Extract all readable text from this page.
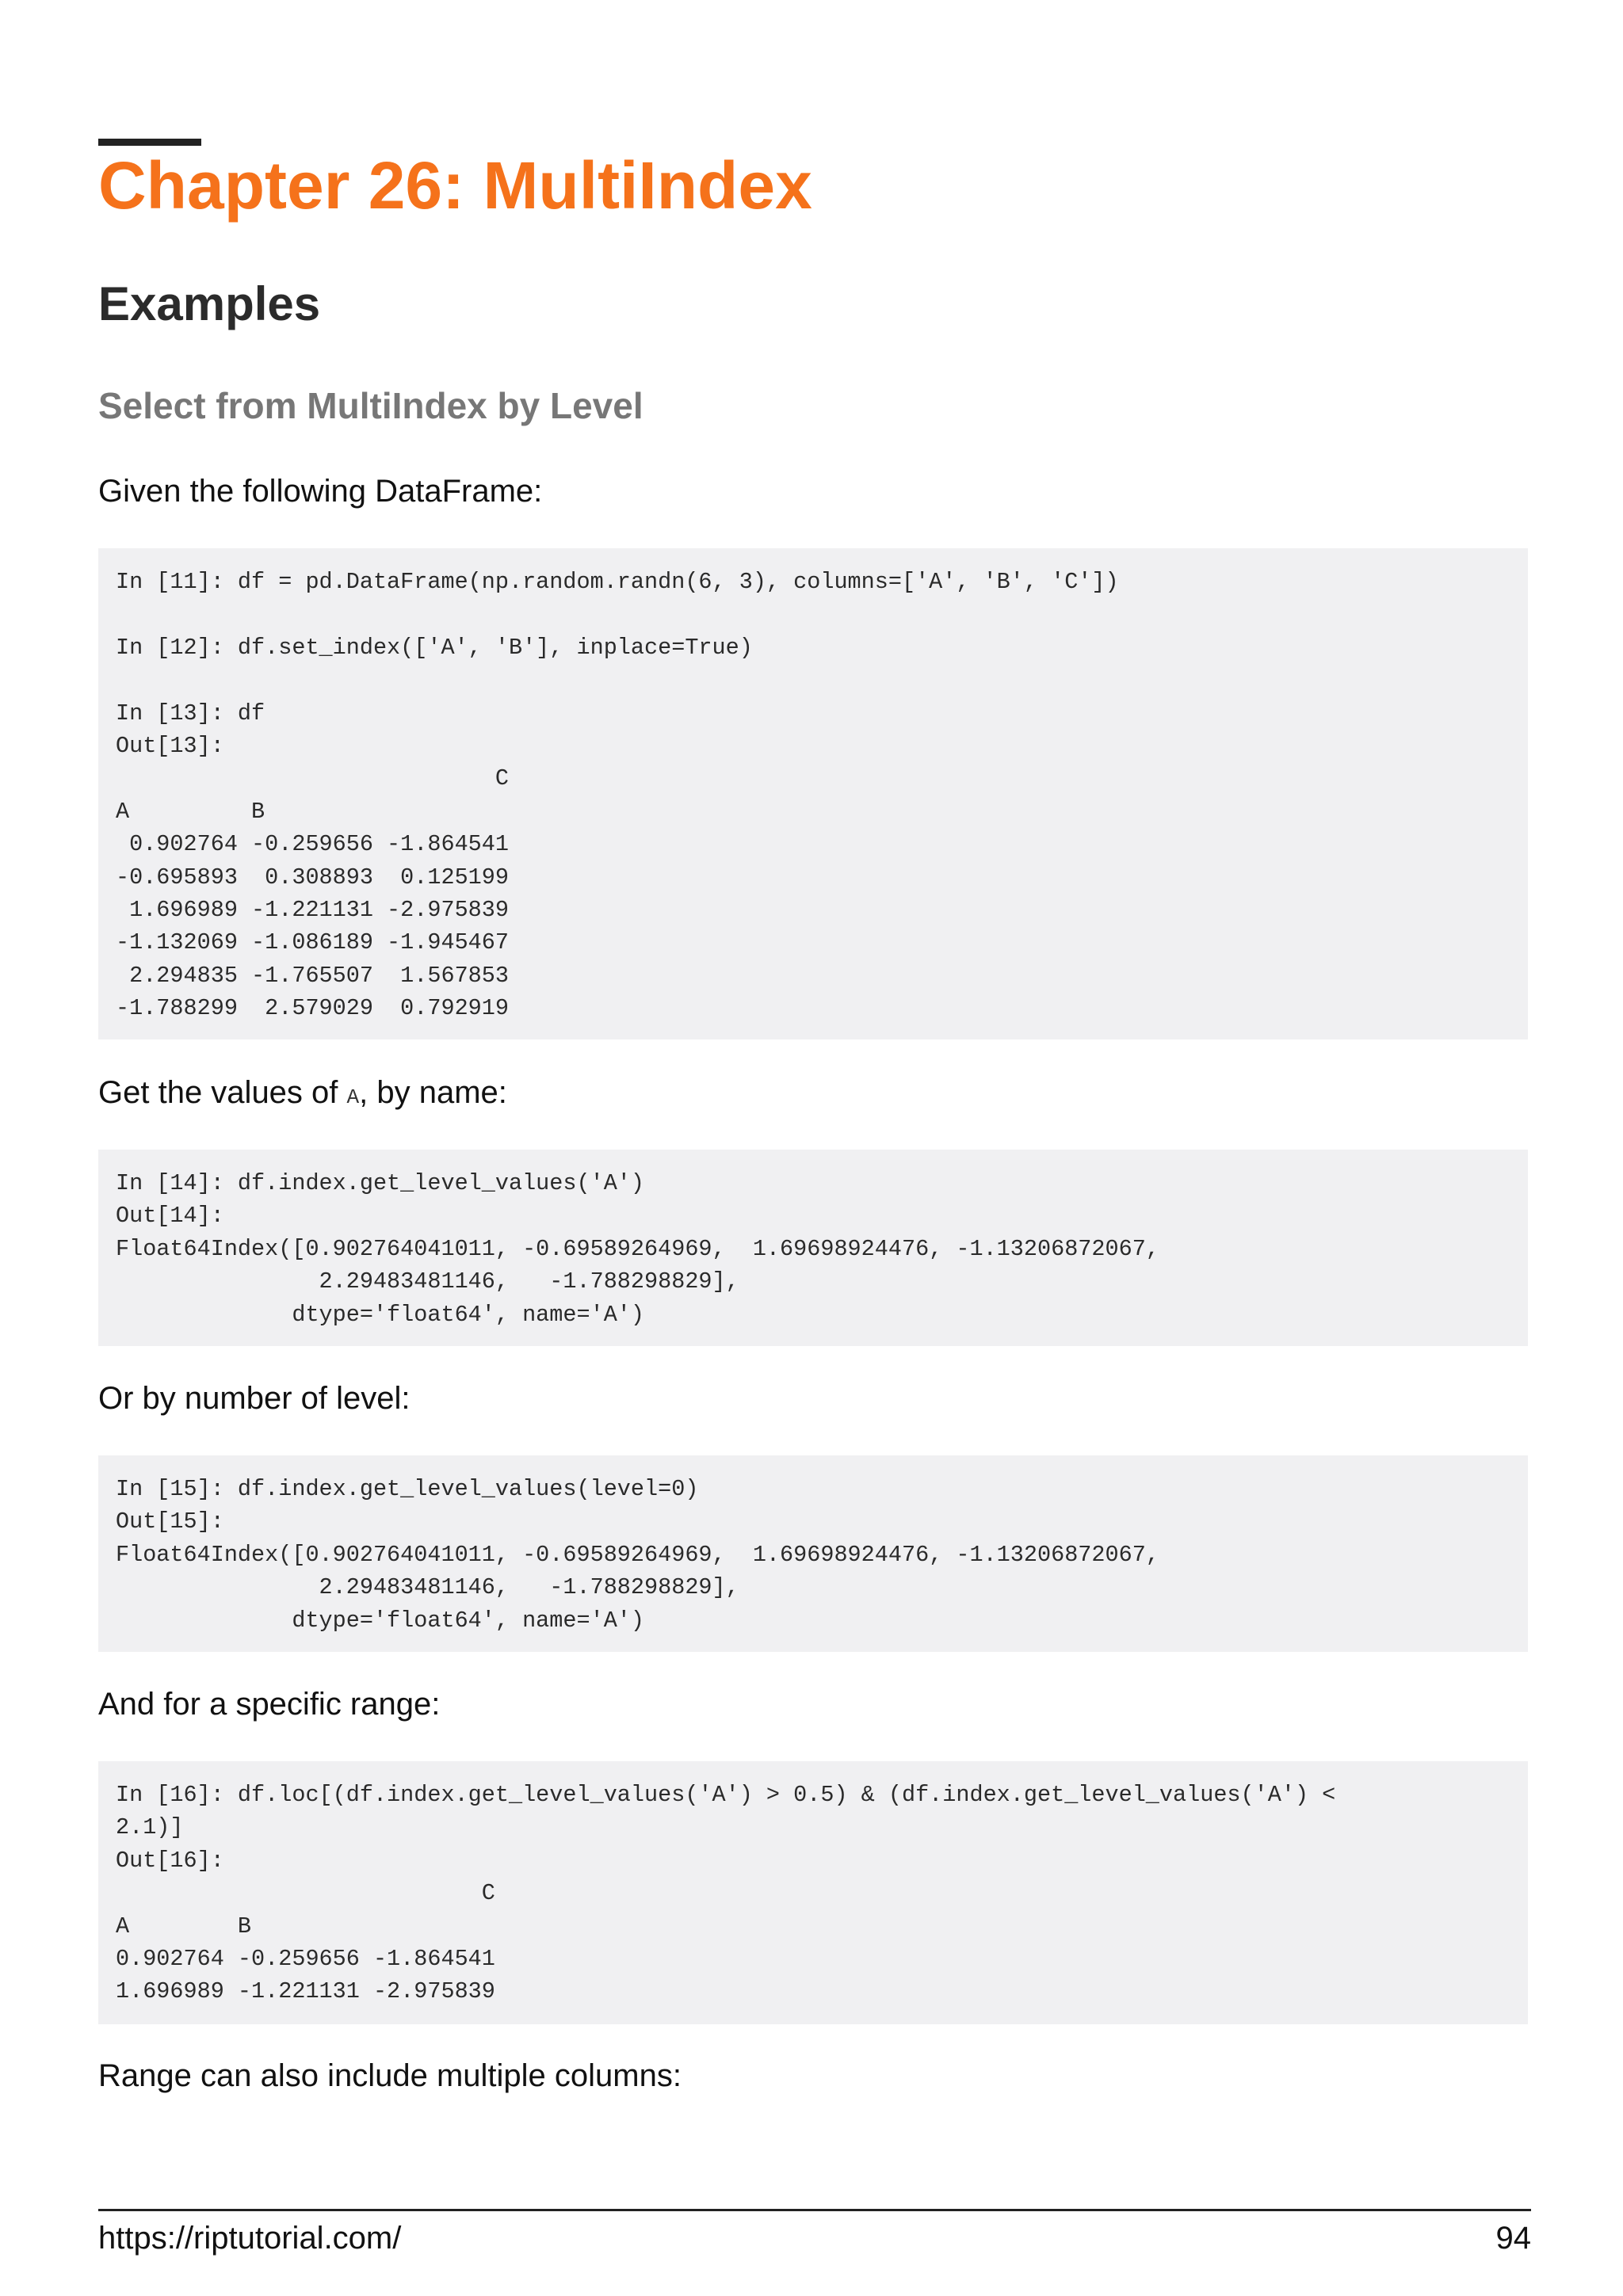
Chapter 26: MultiIndex
Examples
Select from MultiIndex by Level

Given the following DataFrame:

In [11]: df = pd.DataFrame(np.random.randn(6, 3), columns=['A', 'B', 'C'])

In [12]: df.set_index(['A', 'B'], inplace=True)

In [13]: df
Out[13]:
C
A         B
0.902764 -0.259656 -1.864541
-0.695893  0.308893  0.125199
1.696989 -1.221131 -2.975839
-1.132069 -1.086189 -1.945467
2.294835 -1.765507  1.567853
-1.788299  2.579029  0.792919

Get the values of A, by name:

In [14]: df.index.get_level_values('A')
Out[14]:
Float64Index([0.902764041011, -0.69589264969,  1.69698924476, -1.13206872067,
2.29483481146,   -1.788298829],
dtype='float64', name='A')

Or by number of level:

In [15]: df.index.get_level_values(level=0)
Out[15]:
Float64Index([0.902764041011, -0.69589264969,  1.69698924476, -1.13206872067,
2.29483481146,   -1.788298829],
dtype='float64', name='A')

And for a specific range:

In [16]: df.loc[(df.index.get_level_values('A') > 0.5) & (df.index.get_level_values('A') <
2.1)]
Out[16]:
C
A        B
0.902764 -0.259656 -1.864541
1.696989 -1.221131 -2.975839

Range can also include multiple columns:

https://riptutorial.com/	94
